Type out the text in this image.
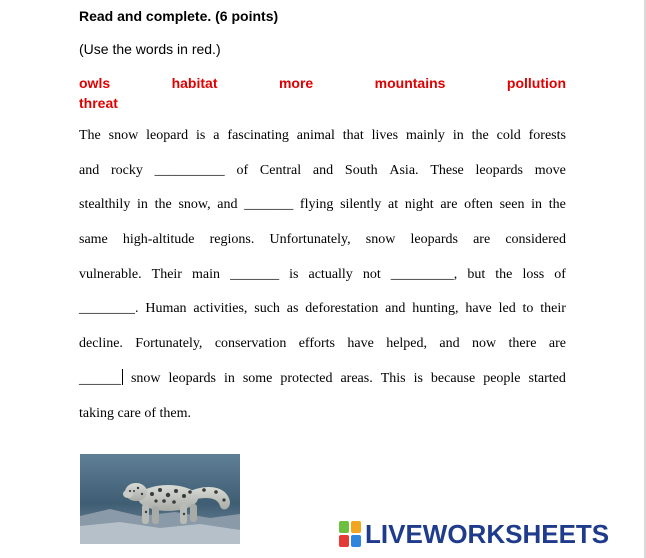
Read and complete. (6 points)
(Use the words in red.)
owls	habitat	more	mountains	pollution
threat
The snow leopard is a fascinating animal that lives mainly in the cold forests
and rocky __________ of Central and South Asia. These leopards move
stealthily in the snow, and _______ flying silently at night are often seen in the
same high-altitude regions. Unfortunately, snow leopards are considered
vulnerable. Their main _______ is actually not _________, but the loss of
________. Human activities, such as deforestation and hunting, have led to their
decline. Fortunately, conservation efforts have helped, and now there are
______ snow leopards in some protected areas. This is because people started
taking care of them.
LIVEWORKSHEETS
